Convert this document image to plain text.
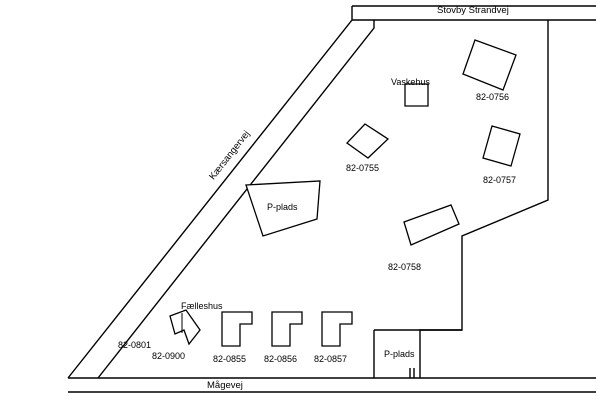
Stovby Strandvej
Kærsangervej
Mågevej
P-plads
P-plads
Vaskehus
82-0756
82-0755
82-0757
82-0758
Fælleshus
82-0801
82-0900	82-0855 82-0856 82-0857
